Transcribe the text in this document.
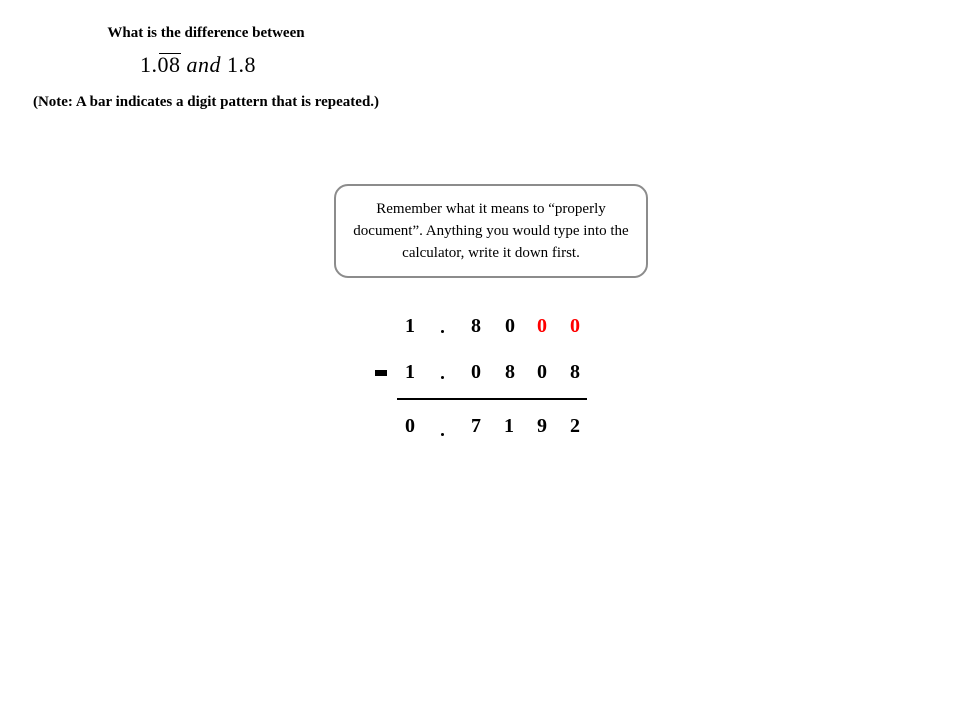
What is the difference between
1.08 and 1.8
(Note: A bar indicates a digit pattern that is repeated.)
Remember what it means to “properly document”. Anything you would type into the calculator, write it down first.
1	8 0 0 0
1	0 8 0 8
0	7 1 9 2
